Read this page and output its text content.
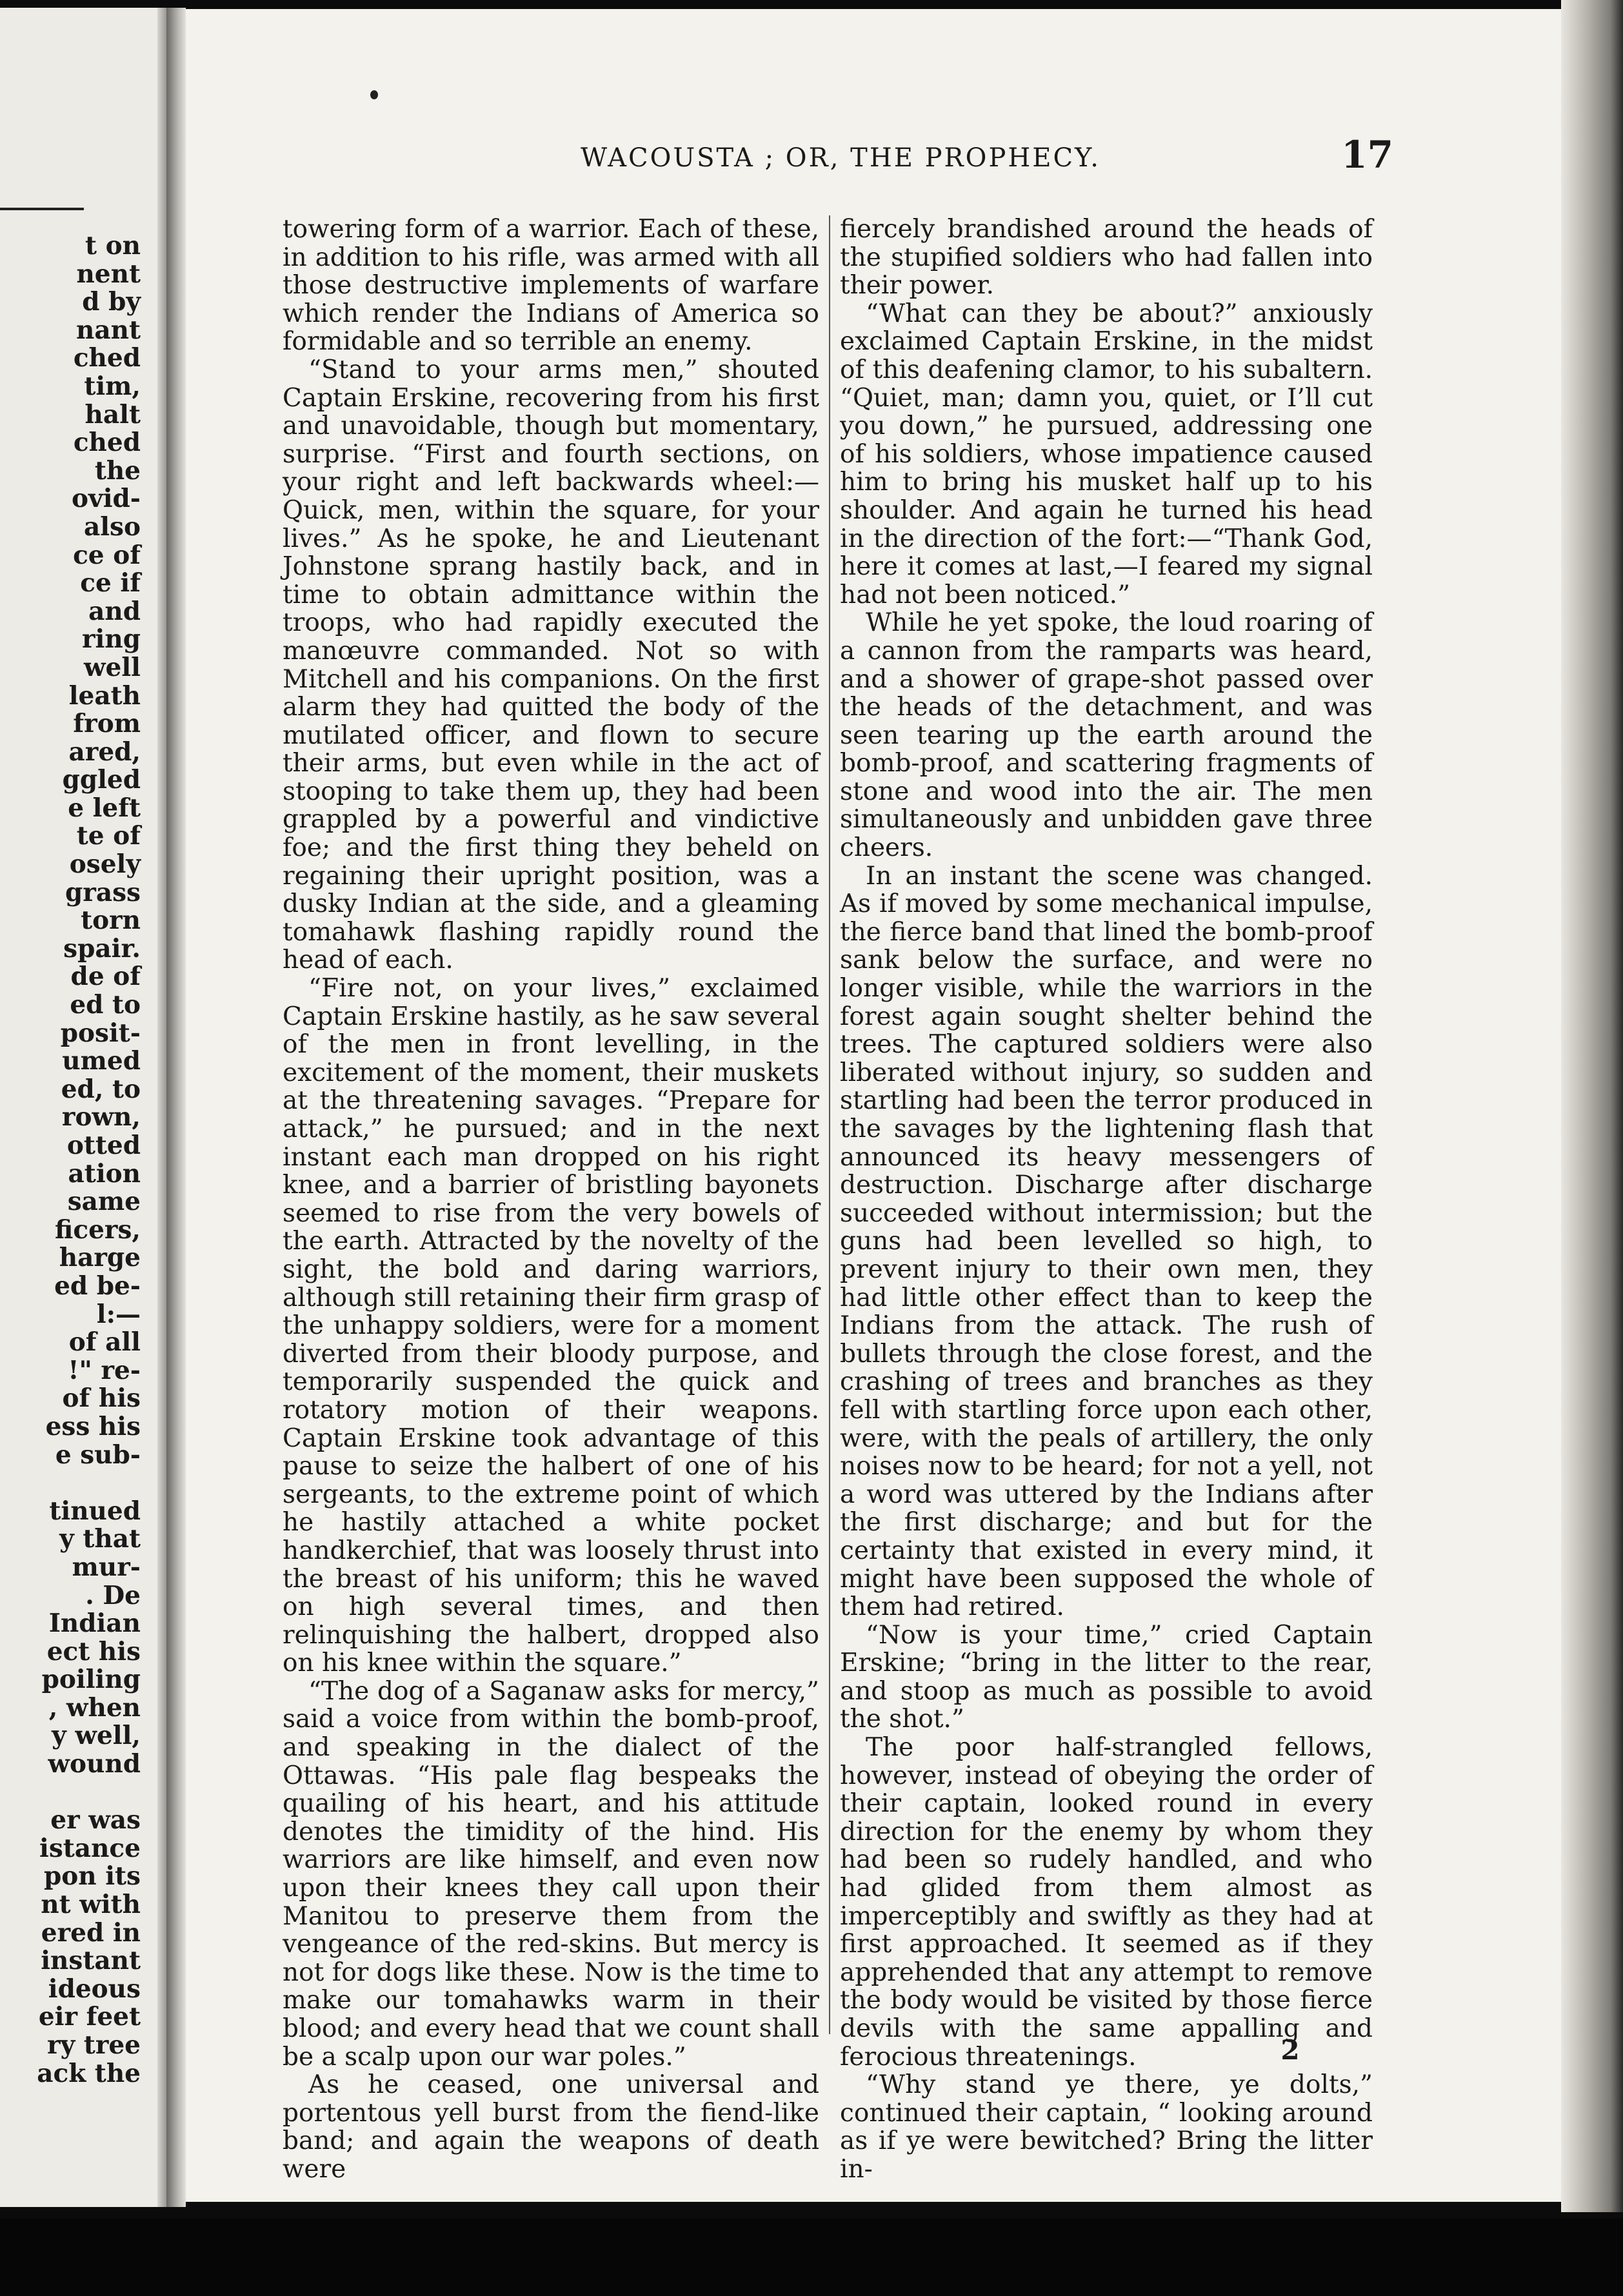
t on
nent
d by
nant
ched
tim,
halt
ched
the
ovid-
also
ce of
ce if
and
ring
well
leath
from
ared,
ggled
e left
te of
osely
grass
torn
spair.
de of
ed to
posit-
umed
ed, to
rown,
otted
ation
same
ficers,
harge
ed be-
l:—
of all
!" re-
of his
ess his
e sub-
tinued
y that
mur-
. De
Indian
ect his
poiling
, when
y well,
wound
er was
istance
pon its
nt with
ered in
instant
ideous
eir feet
ry tree
ack the
WACOUSTA ; OR, THE PROPHECY.	17

towering form of a warrior. Each of these, in addition to his rifle, was armed with all those destructive implements of warfare which render the Indians of America so formidable and so terrible an enemy.

“Stand to your arms men,” shouted Captain Erskine, recovering from his first and unavoidable, though but momentary, surprise. “First and fourth sections, on your right and left backwards wheel:—Quick, men, within the square, for your lives.” As he spoke, he and Lieutenant Johnstone sprang hastily back, and in time to obtain admittance within the troops, who had rapidly executed the manœuvre commanded. Not so with Mitchell and his companions. On the first alarm they had quitted the body of the mutilated officer, and flown to secure their arms, but even while in the act of stooping to take them up, they had been grappled by a powerful and vindictive foe; and the first thing they beheld on regaining their upright position, was a dusky Indian at the side, and a gleaming tomahawk flashing rapidly round the head of each.

“Fire not, on your lives,” exclaimed Captain Erskine hastily, as he saw several of the men in front levelling, in the excitement of the moment, their muskets at the threatening savages. “Prepare for attack,” he pursued; and in the next instant each man dropped on his right knee, and a barrier of bristling bayonets seemed to rise from the very bowels of the earth. Attracted by the novelty of the sight, the bold and daring warriors, although still retaining their firm grasp of the unhappy soldiers, were for a moment diverted from their bloody purpose, and temporarily suspended the quick and rotatory motion of their weapons. Captain Erskine took advantage of this pause to seize the halbert of one of his sergeants, to the extreme point of which he hastily attached a white pocket handkerchief, that was loosely thrust into the breast of his uniform; this he waved on high several times, and then relinquishing the halbert, dropped also on his knee within the square.”

“The dog of a Saganaw asks for mercy,” said a voice from within the bomb-proof, and speaking in the dialect of the Ottawas. “His pale flag bespeaks the quailing of his heart, and his attitude denotes the timidity of the hind. His warriors are like himself, and even now upon their knees they call upon their Manitou to preserve them from the vengeance of the red-skins. But mercy is not for dogs like these. Now is the time to make our tomahawks warm in their blood; and every head that we count shall be a scalp upon our war poles.”

As he ceased, one universal and portentous yell burst from the fiend-like band; and again the weapons of death were

fiercely brandished around the heads of the stupified soldiers who had fallen into their power.

“What can they be about?” anxiously exclaimed Captain Erskine, in the midst of this deafening clamor, to his subaltern. “Quiet, man; damn you, quiet, or I’ll cut you down,” he pursued, addressing one of his soldiers, whose impatience caused him to bring his musket half up to his shoulder. And again he turned his head in the direction of the fort:—“Thank God, here it comes at last,—I feared my signal had not been noticed.”

While he yet spoke, the loud roaring of a cannon from the ramparts was heard, and a shower of grape-shot passed over the heads of the detachment, and was seen tearing up the earth around the bomb-proof, and scattering fragments of stone and wood into the air. The men simultaneously and unbidden gave three cheers.

In an instant the scene was changed. As if moved by some mechanical impulse, the fierce band that lined the bomb-proof sank below the surface, and were no longer visible, while the warriors in the forest again sought shelter behind the trees. The captured soldiers were also liberated without injury, so sudden and startling had been the terror produced in the savages by the lightening flash that announced its heavy messengers of destruction. Discharge after discharge succeeded without intermission; but the guns had been levelled so high, to prevent injury to their own men, they had little other effect than to keep the Indians from the attack. The rush of bullets through the close forest, and the crashing of trees and branches as they fell with startling force upon each other, were, with the peals of artillery, the only noises now to be heard; for not a yell, not a word was uttered by the Indians after the first discharge; and but for the certainty that existed in every mind, it might have been supposed the whole of them had retired.

“Now is your time,” cried Captain Erskine; “bring in the litter to the rear, and stoop as much as possible to avoid the shot.”

The poor half-strangled fellows, however, instead of obeying the order of their captain, looked round in every direction for the enemy by whom they had been so rudely handled, and who had glided from them almost as imperceptibly and swiftly as they had at first approached. It seemed as if they apprehended that any attempt to remove the body would be visited by those fierce devils with the same appalling and ferocious threatenings.

“Why stand ye there, ye dolts,” continued their captain, “ looking around as if ye were bewitched? Bring the litter in-

2
